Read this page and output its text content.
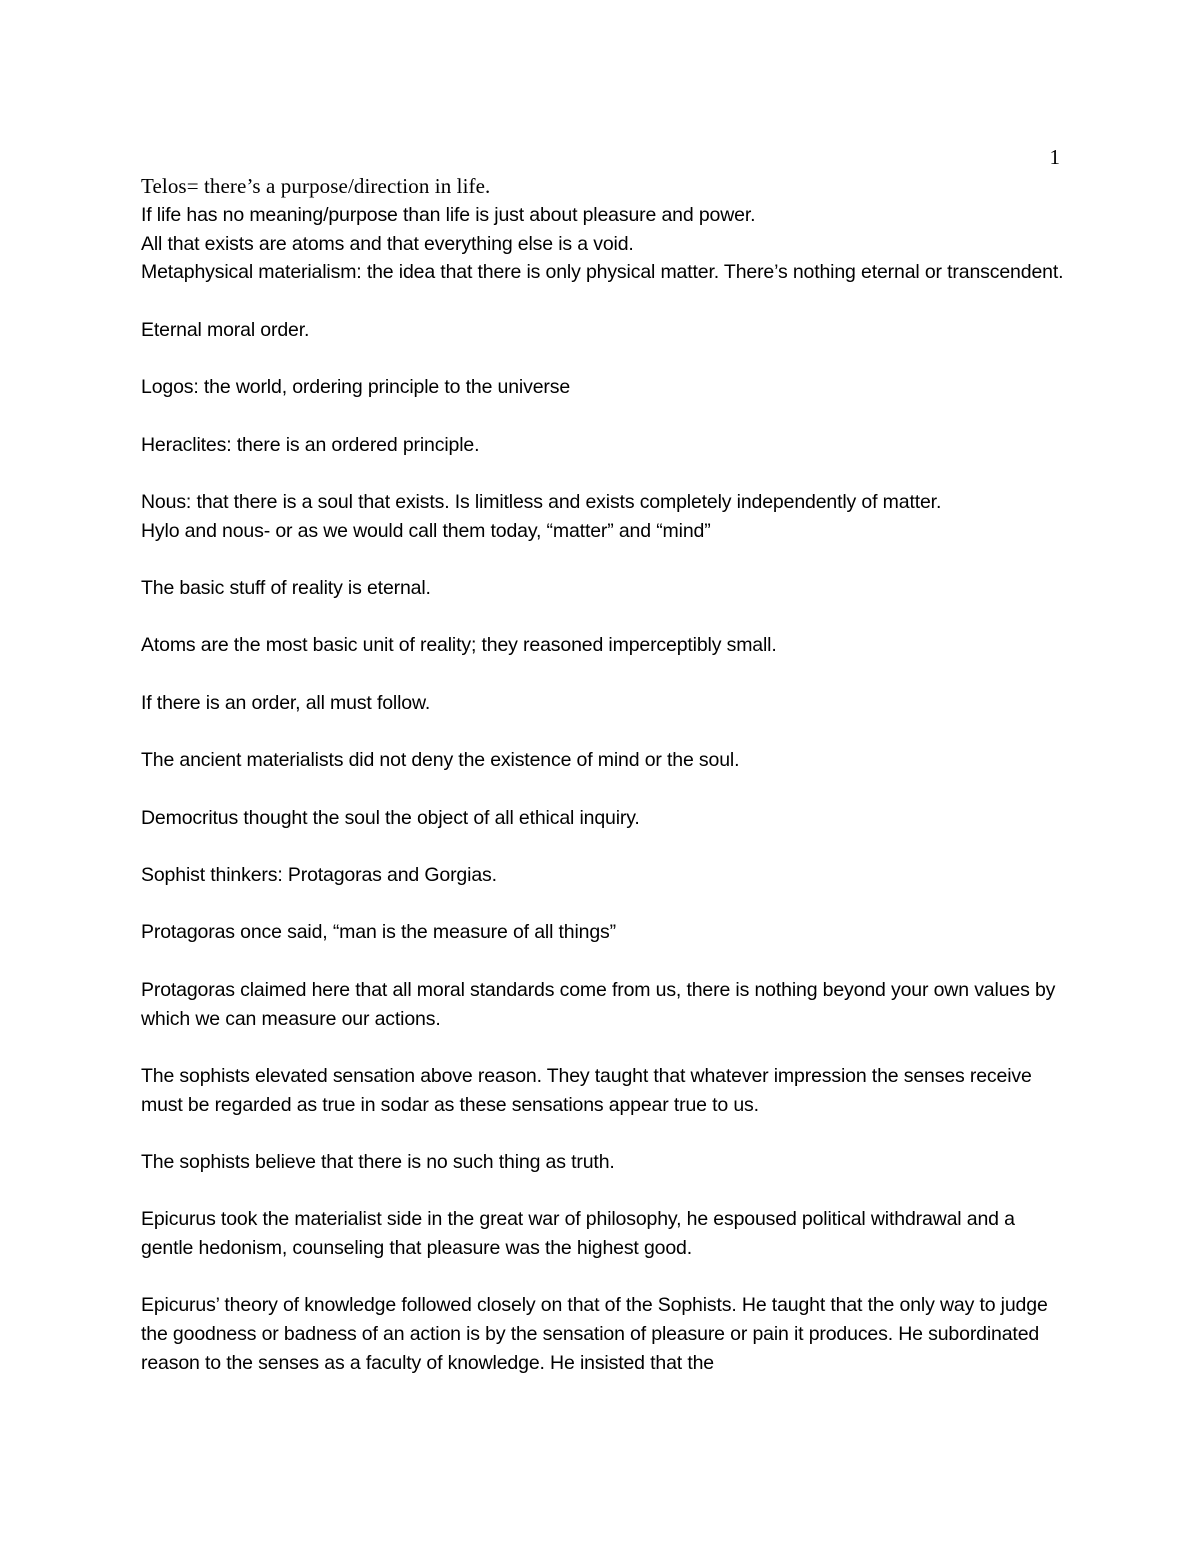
1

Telos= there’s a purpose/direction in life.

If life has no meaning/purpose than life is just about pleasure and power.

All that exists are atoms and that everything else is a void.

Metaphysical materialism: the idea that there is only physical matter. There’s nothing eternal or transcendent.

Eternal moral order.

Logos: the world, ordering principle to the universe

Heraclites: there is an ordered principle.

Nous: that there is a soul that exists. Is limitless and exists completely independently of matter.

Hylo and nous- or as we would call them today, “matter” and “mind”

The basic stuff of reality is eternal.

Atoms are the most basic unit of reality; they reasoned imperceptibly small.

If there is an order, all must follow.

The ancient materialists did not deny the existence of mind or the soul.

Democritus thought the soul the object of all ethical inquiry.

Sophist thinkers: Protagoras and Gorgias.

Protagoras once said, “man is the measure of all things”

Protagoras claimed here that all moral standards come from us, there is nothing beyond your own values by which we can measure our actions.

The sophists elevated sensation above reason. They taught that whatever impression the senses receive must be regarded as true in sodar as these sensations appear true to us.

The sophists believe that there is no such thing as truth.

Epicurus took the materialist side in the great war of philosophy, he espoused political withdrawal and a gentle hedonism, counseling that pleasure was the highest good.

Epicurus’ theory of knowledge followed closely on that of the Sophists. He taught that the only way to judge the goodness or badness of an action is by the sensation of pleasure or pain it produces. He subordinated reason to the senses as a faculty of knowledge. He insisted that the
